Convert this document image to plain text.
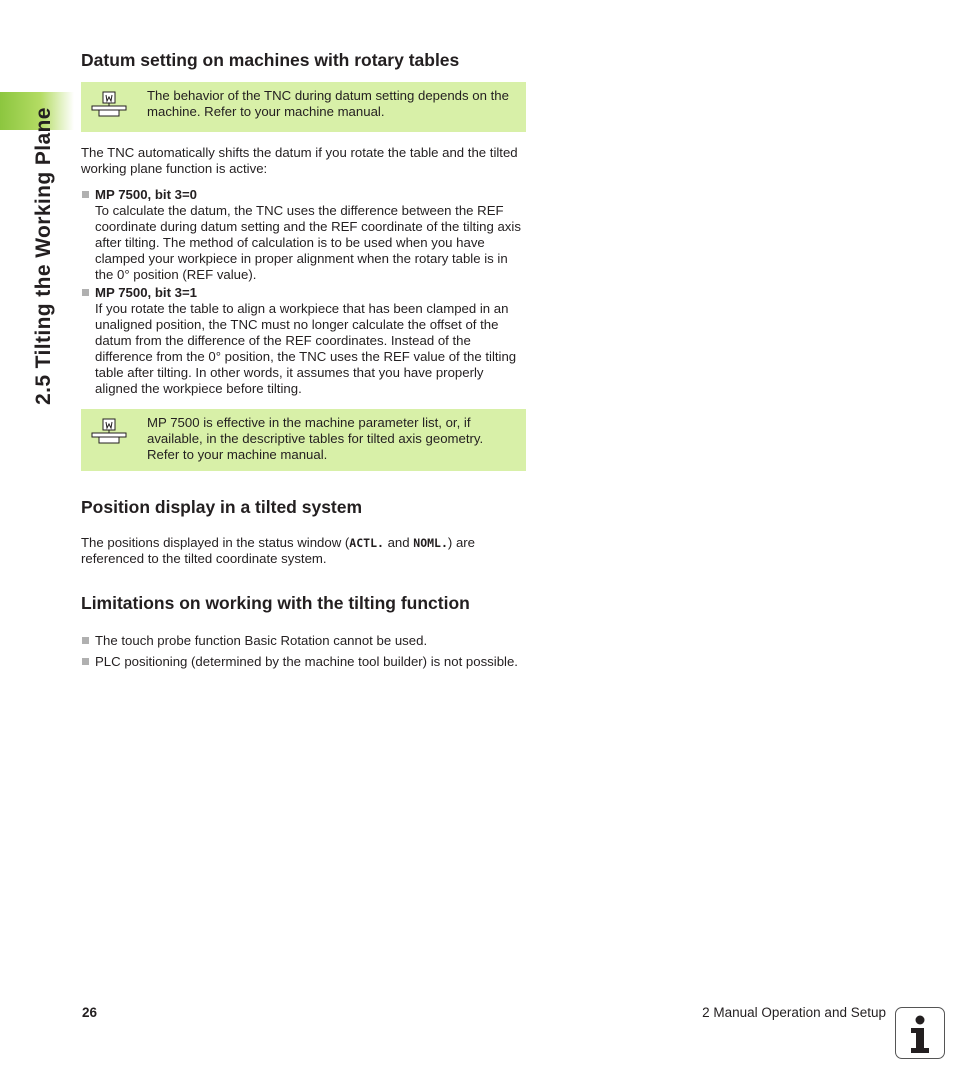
2.5 Tilting the Working Plane
Datum setting on machines with rotary tables

The behavior of the TNC during datum setting depends on the machine. Refer to your machine manual.

The TNC automatically shifts the datum if you rotate the table and the tilted working plane function is active:

MP 7500, bit 3=0
To calculate the datum, the TNC uses the difference between the REF coordinate during datum setting and the REF coordinate of the tilting axis after tilting. The method of calculation is to be used when you have clamped your workpiece in proper alignment when the rotary table is in the 0° position (REF value).
MP 7500, bit 3=1
If you rotate the table to align a workpiece that has been clamped in an unaligned position, the TNC must no longer calculate the offset of the datum from the difference of the REF coordinates. Instead of the difference from the 0° position, the TNC uses the REF value of the tilting table after tilting. In other words, it assumes that you have properly aligned the workpiece before tilting.

MP 7500 is effective in the machine parameter list, or, if available, in the descriptive tables for tilted axis geometry. Refer to your machine manual.

Position display in a tilted system

The positions displayed in the status window (ACTL. and NOML.) are referenced to the tilted coordinate system.

Limitations on working with the tilting function
The touch probe function Basic Rotation cannot be used.
PLC positioning (determined by the machine tool builder) is not possible.
26	2 Manual Operation and Setup
